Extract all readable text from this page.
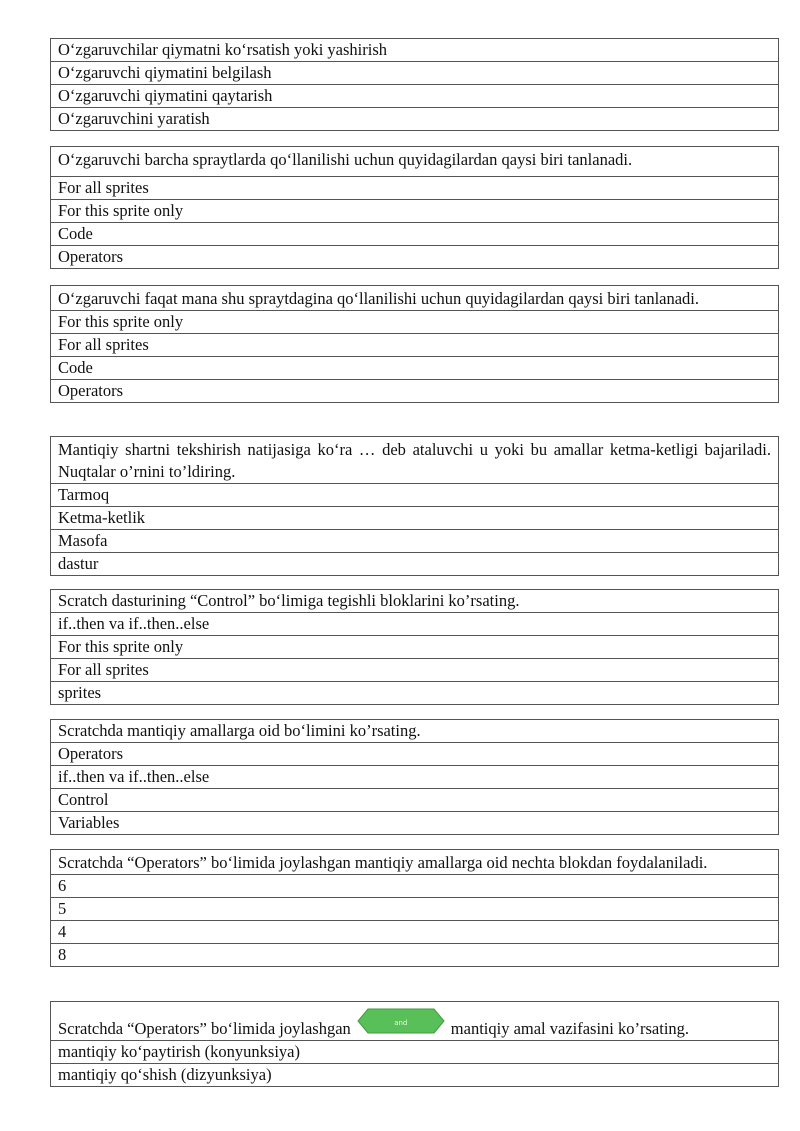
O‘zgaruvchilar qiymatni ko‘rsatish yoki yashirish
O‘zgaruvchi qiymatini belgilash
O‘zgaruvchi qiymatini qaytarish
O‘zgaruvchini yaratish
O‘zgaruvchi barcha spraytlarda qo‘llanilishi uchun quyidagilardan qaysi biri tanlanadi.
For all sprites
For this sprite only
Code
Operators
O‘zgaruvchi faqat mana shu spraytdagina qo‘llanilishi uchun quyidagilardan qaysi biri tanlanadi.
For this sprite only
For all sprites
Code
Operators
Mantiqiy shartni tekshirish natijasiga ko‘ra … deb ataluvchi u yoki bu amallar ketma-ketligi bajariladi. Nuqtalar o’rnini to’ldiring.
Tarmoq
Ketma-ketlik
Masofa
dastur
Scratch dasturining “Control” bo‘limiga tegishli bloklarini ko’rsating.
if..then va if..then..else
For this sprite only
For all sprites
sprites
Scratchda mantiqiy amallarga oid bo‘limini ko’rsating.
Operators
if..then va if..then..else
Control
Variables
Scratchda “Operators” bo‘limida joylashgan mantiqiy amallarga oid nechta blokdan foydalaniladi.
6
5
4
8
Scratchda “Operators” bo‘limida joylashgan	and	mantiqiy amal vazifasini ko’rsating.
mantiqiy ko‘paytirish (konyunksiya)
mantiqiy qo‘shish (dizyunksiya)
